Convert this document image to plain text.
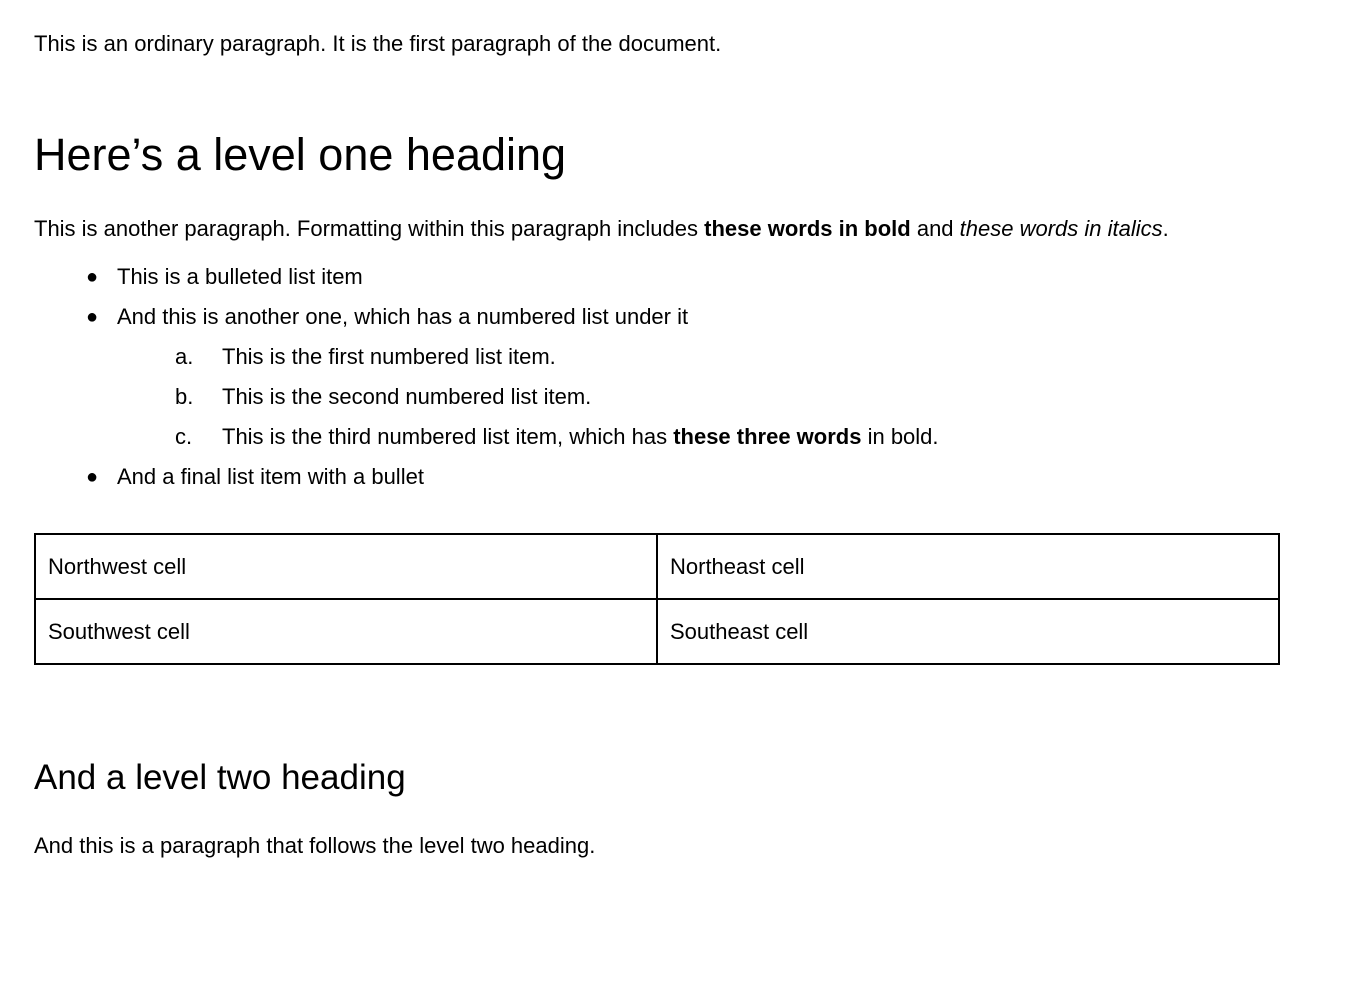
This is an ordinary paragraph. It is the first paragraph of the document.

Here’s a level one heading

This is another paragraph. Formatting within this paragraph includes these words in bold and these words in italics.

● This is a bulleted list item
● And this is another one, which has a numbered list under it
a.	This is the first numbered list item.
b.	This is the second numbered list item.
c.	This is the third numbered list item, which has these three words in bold.
● And a final list item with a bullet
Northwest cell	Northeast cell
Southwest cell	Southeast cell
And a level two heading

And this is a paragraph that follows the level two heading.
